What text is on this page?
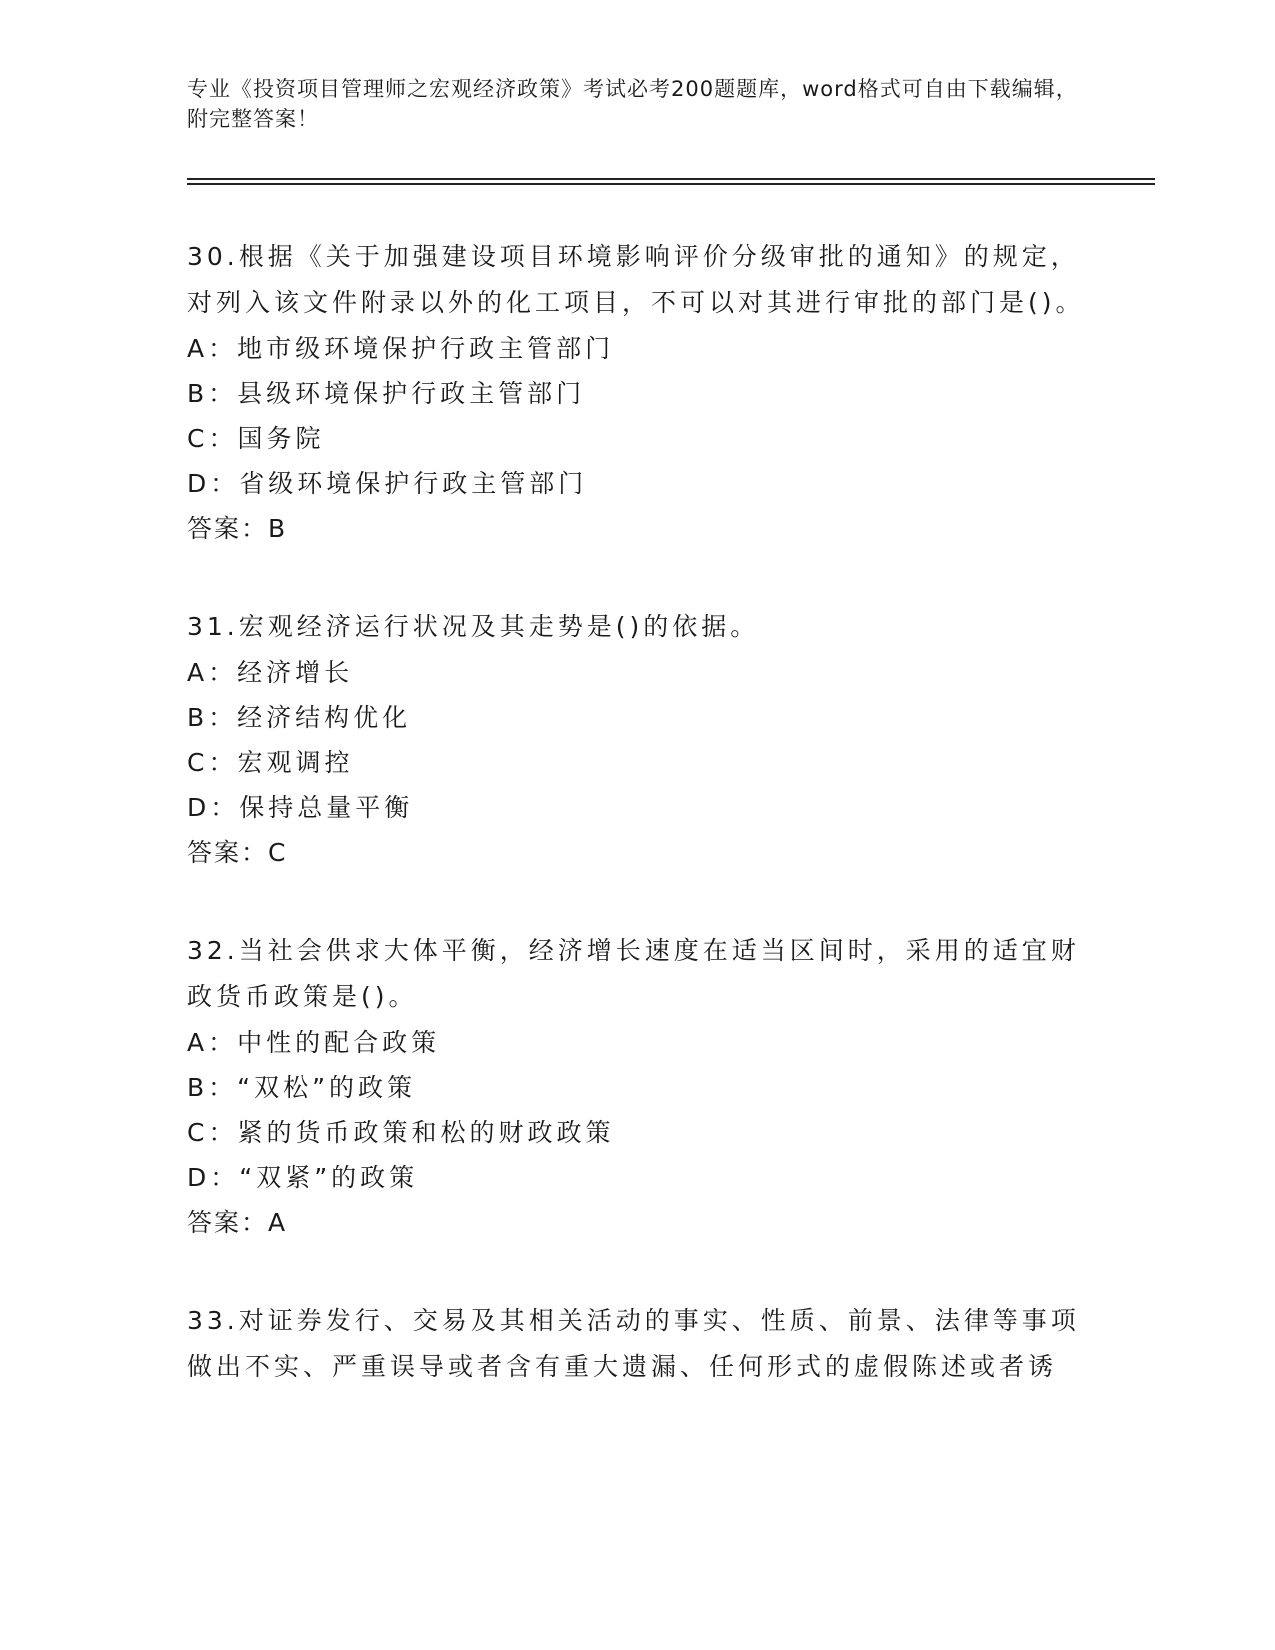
专业《投资项目管理师之宏观经济政策》考试必考200题题库，word格式可自由下载编辑，附完整答案！

30.根据《关于加强建设项目环境影响评价分级审批的通知》的规定，对列入该文件附录以外的化工项目，不可以对其进行审批的部门是()。

A：地市级环境保护行政主管部门

B：县级环境保护行政主管部门

C：国务院

D：省级环境保护行政主管部门

答案：B

31.宏观经济运行状况及其走势是()的依据。

A：经济增长

B：经济结构优化

C：宏观调控

D：保持总量平衡

答案：C

32.当社会供求大体平衡，经济增长速度在适当区间时，采用的适宜财政货币政策是()。

A：中性的配合政策

B：“双松”的政策

C：紧的货币政策和松的财政政策

D：“双紧”的政策

答案：A

33.对证券发行、交易及其相关活动的事实、性质、前景、法律等事项做出不实、严重误导或者含有重大遗漏、任何形式的虚假陈述或者诱
